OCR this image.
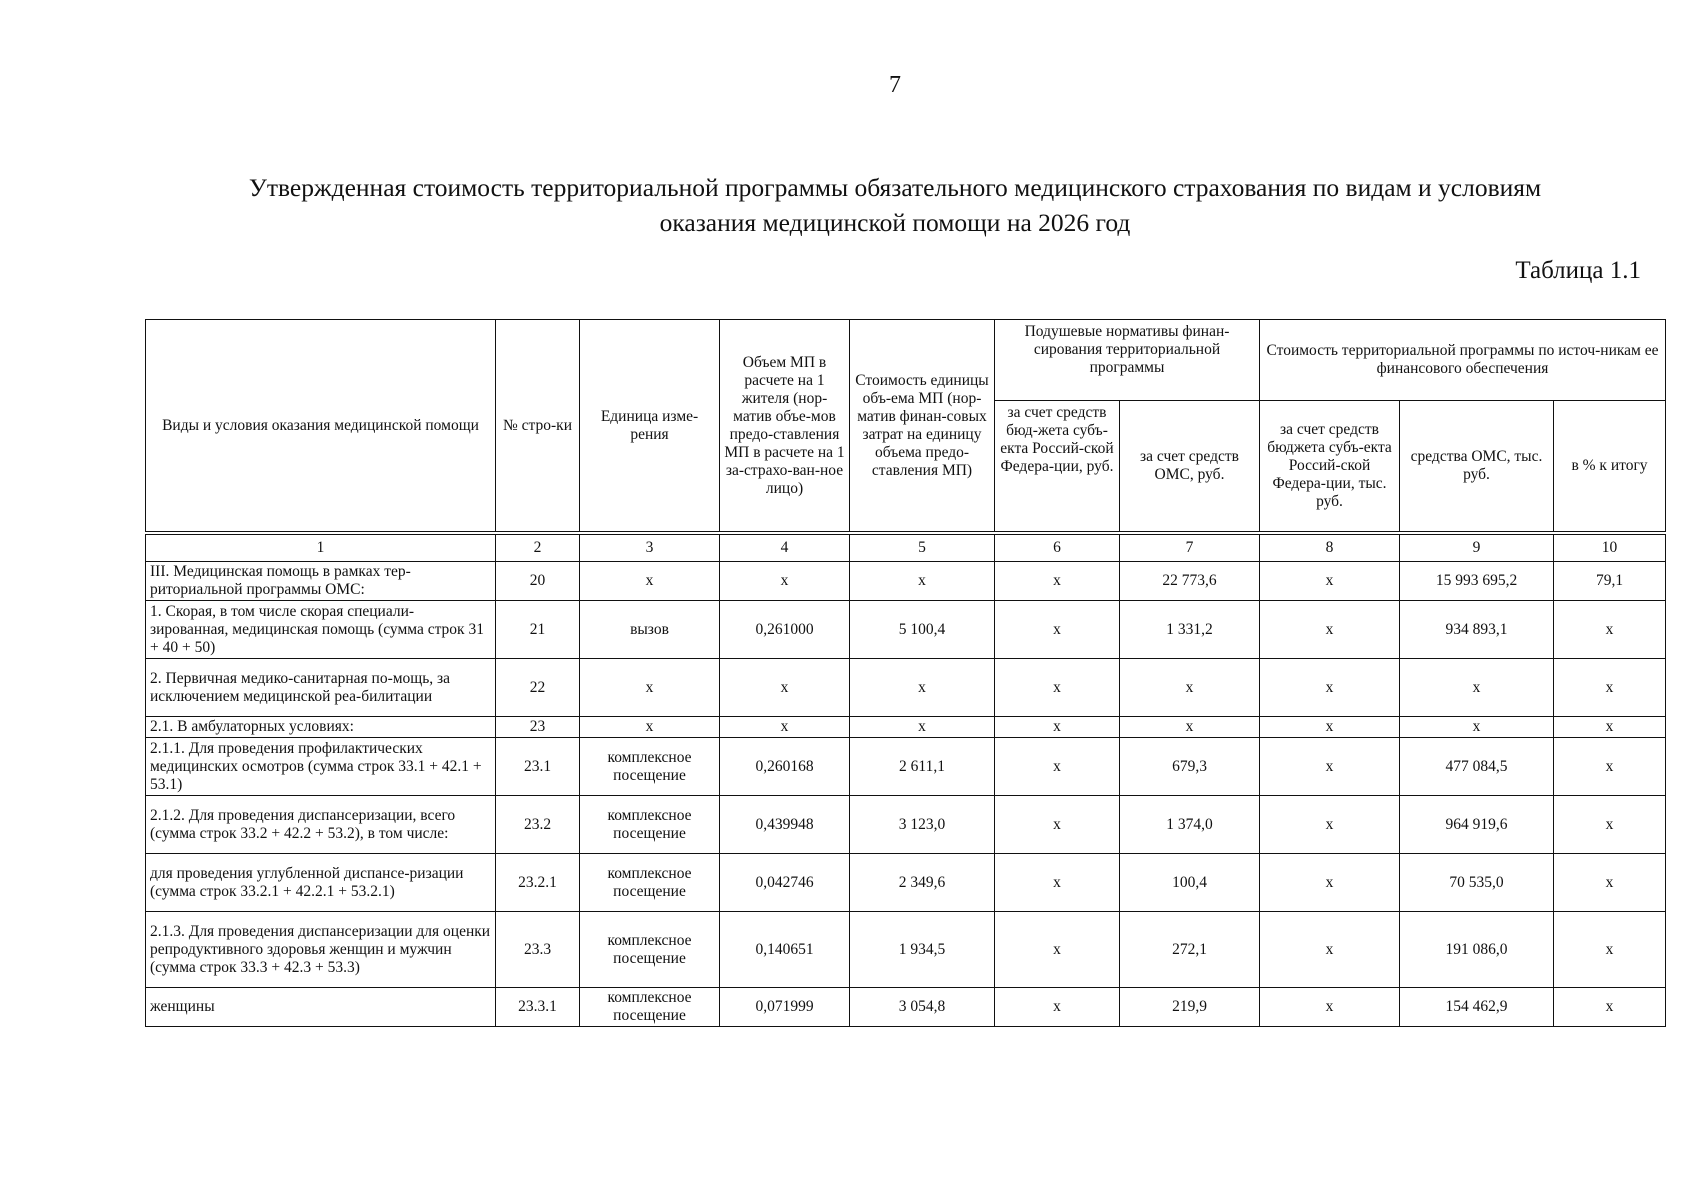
7
Утвержденная стоимость территориальной программы обязательного медицинского страхования по видам и условиям
оказания медицинской помощи на 2026 год
Таблица 1.1
Виды и условия оказания медицинской помощи	№ стро-ки	Единица изме-рения	Объем МП в расчете на 1 жителя (нор-матив объе-мов предо-ставления МП в расчете на 1 за-страхо-ван-ное лицо)	Стоимость единицы объ-ема МП (нор-матив финан-совых затрат на единицу объема предо-ставления МП)	Подушевые нормативы финан-сирования территориальной программы		Стоимость территориальной программы по источ-никам ее финансового обеспечения		
					за счет средств бюд-жета субъ-екта Россий-ской Федера-ции, руб.	за счет средств ОМС, руб.	за счет средств бюджета субъ-екта Россий-ской Федера-ции, тыс. руб.	средства ОМС, тыс. руб.	в % к итогу
1	2	3	4	5	6	7	8	9	10
III. Медицинская помощь в рамках тер-риториальной программы ОМС:	20	х	х	х	х	22 773,6	х	15 993 695,2	79,1
1. Скорая, в том числе скорая специали-зированная, медицинская помощь (сумма строк 31 + 40 + 50)	21	вызов	0,261000	5 100,4	х	1 331,2	х	934 893,1	х
2. Первичная медико-санитарная по-мощь, за исключением медицинской реа-билитации	22	х	х	х	х	х	х	х	х
2.1. В амбулаторных условиях:	23	х	х	х	х	х	х	х	х
2.1.1. Для проведения профилактических медицинских осмотров (сумма строк 33.1 + 42.1 + 53.1)	23.1	комплексное посещение	0,260168	2 611,1	х	679,3	х	477 084,5	х
2.1.2. Для проведения диспансеризации, всего (сумма строк 33.2 + 42.2 + 53.2), в том числе:	23.2	комплексное посещение	0,439948	3 123,0	х	1 374,0	х	964 919,6	х
для проведения углубленной диспансе-ризации (сумма строк 33.2.1 + 42.2.1 + 53.2.1)	23.2.1	комплексное посещение	0,042746	2 349,6	х	100,4	х	70 535,0	х
2.1.3. Для проведения диспансеризации для оценки репродуктивного здоровья женщин и мужчин (сумма строк 33.3 + 42.3 + 53.3)	23.3	комплексное посещение	0,140651	1 934,5	х	272,1	х	191 086,0	х
женщины	23.3.1	комплексное посещение	0,071999	3 054,8	х	219,9	х	154 462,9	х
